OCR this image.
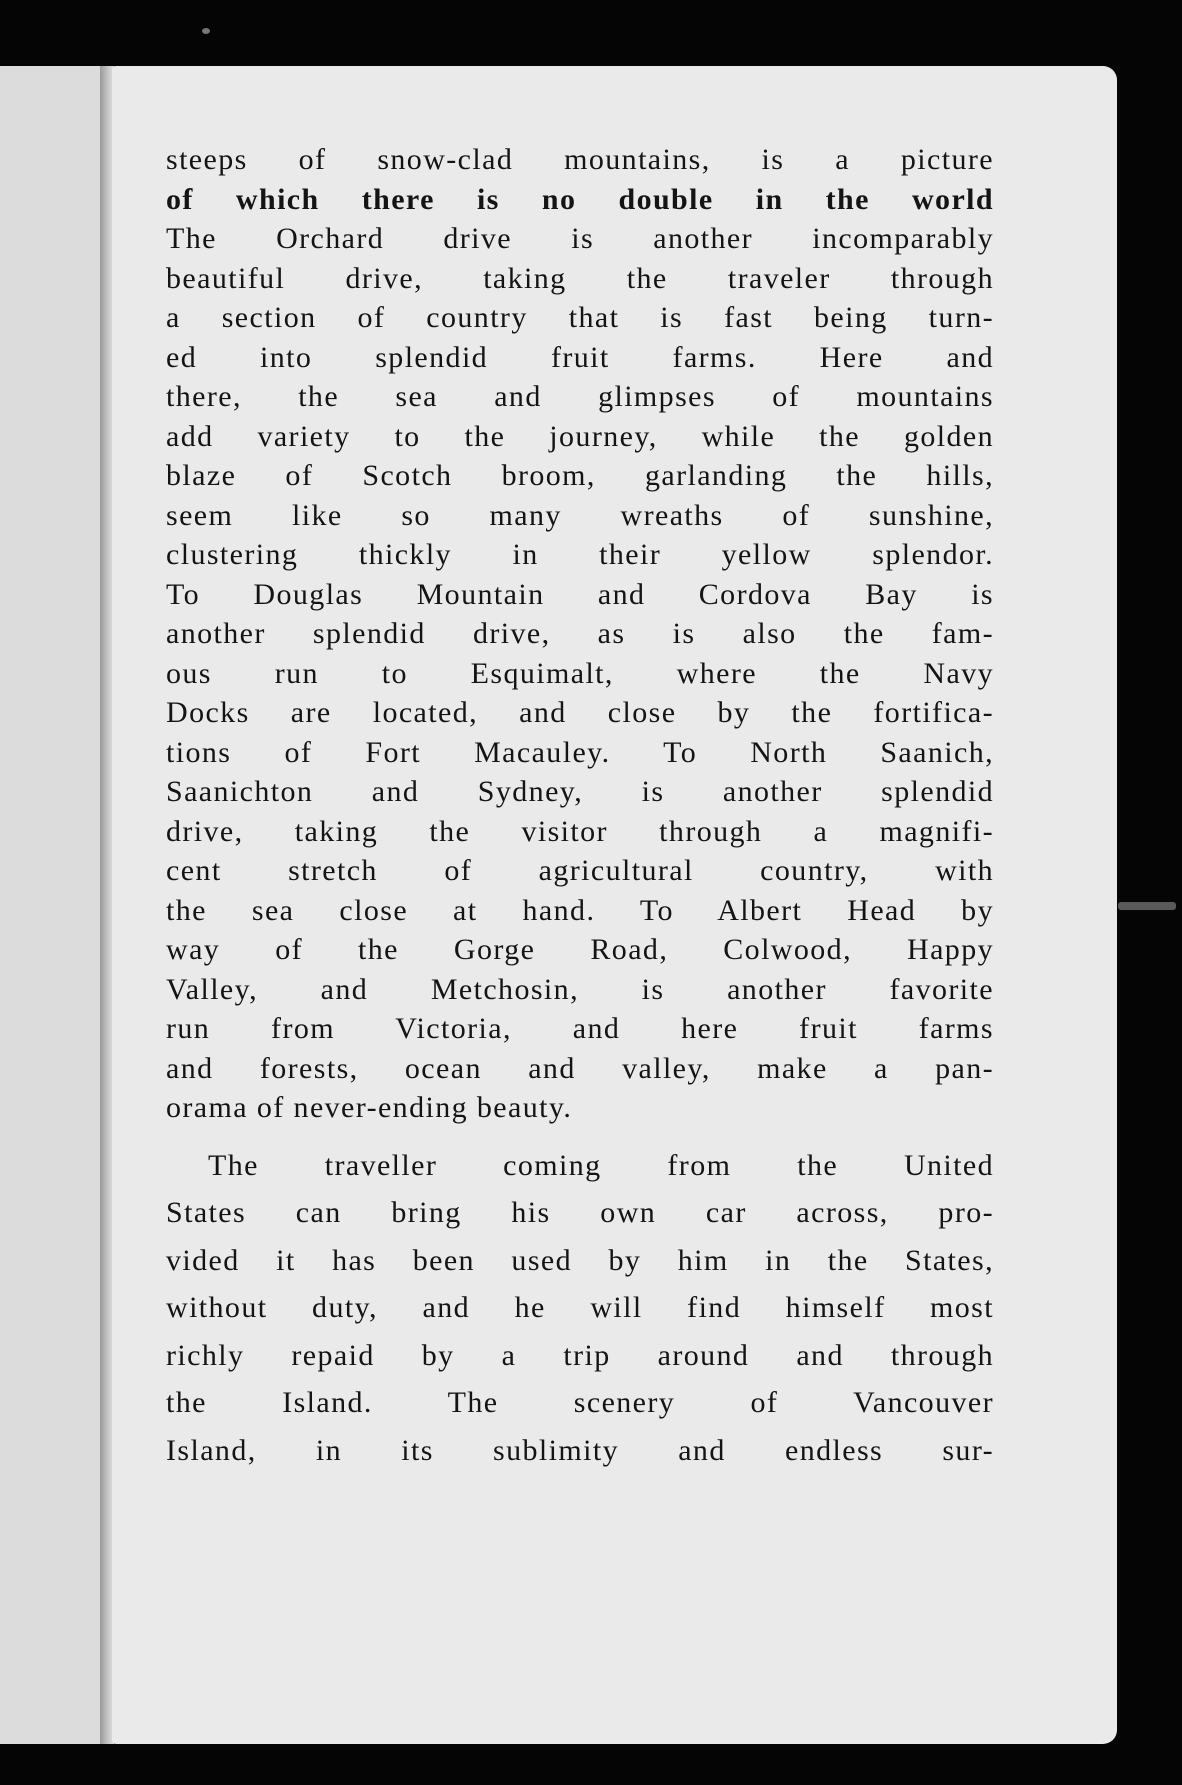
steeps of snow-clad mountains, is a picture
of which there is no double in the world
The Orchard drive is another incomparably
beautiful drive, taking the traveler through
a section of country that is fast being turn-
ed into splendid fruit farms. Here and
there, the sea and glimpses of mountains
add variety to the journey, while the golden
blaze of Scotch broom, garlanding the hills,
seem like so many wreaths of sunshine,
clustering thickly in their yellow splendor.
To Douglas Mountain and Cordova Bay is
another splendid drive, as is also the fam-
ous run to Esquimalt, where the Navy
Docks are located, and close by the fortifica-
tions of Fort Macauley. To North Saanich,
Saanichton and Sydney, is another splendid
drive, taking the visitor through a magnifi-
cent stretch of agricultural country, with
the sea close at hand. To Albert Head by
way of the Gorge Road, Colwood, Happy
Valley, and Metchosin, is another favorite
run from Victoria, and here fruit farms
and forests, ocean and valley, make a pan-
orama of never-ending beauty.
The traveller coming from the United
States can bring his own car across, pro-
vided it has been used by him in the States,
without duty, and he will find himself most
richly repaid by a trip around and through
the Island. The scenery of Vancouver
Island, in its sublimity and endless sur-
